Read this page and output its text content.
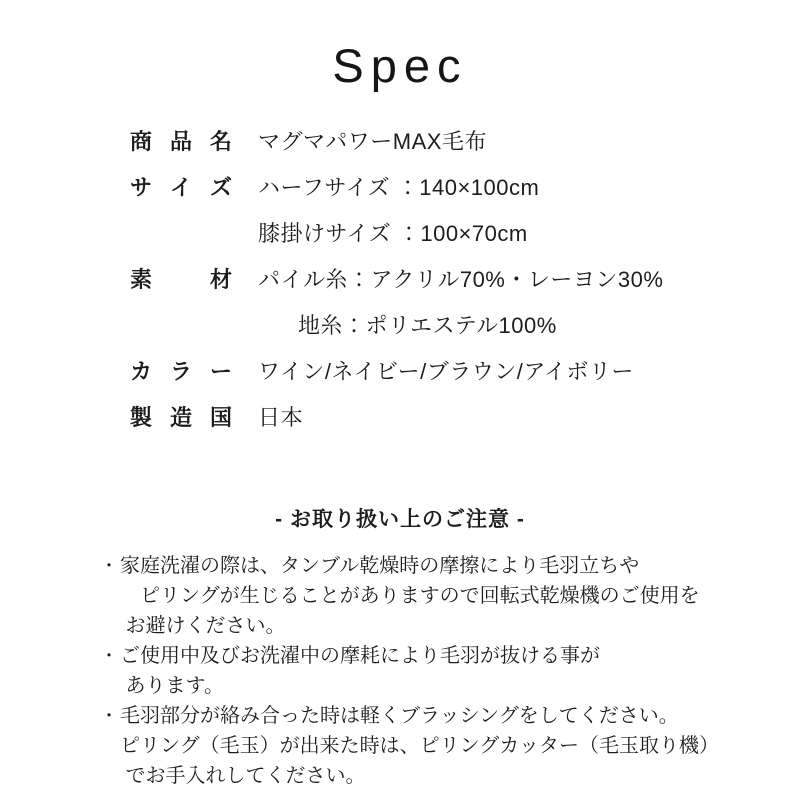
Spec
商 品 名 マグマパワーMAX毛布
サ イ ズ ハーフサイズ ：140×100cm
膝掛けサイズ ：100×70cm
素	材 パイル糸：アクリル70%・レーヨン30%
地糸：ポリエステル100%
カ ラ ー ワイン/ネイビー/ブラウン/アイボリー
製 造 国 日本
- お取り扱い上のご注意 -
・ 家庭洗濯の際は、タンブル乾燥時の摩擦により毛羽立ちや
　ピリングが生じることがありますので回転式乾燥機のご使用を
お避けください。
・ ご使用中及びお洗濯中の摩耗により毛羽が抜ける事が
あります。
・ 毛羽部分が絡み合った時は軽くブラッシングをしてください。
ピリング（毛玉）が出来た時は、ピリングカッター（毛玉取り機）
でお手入れしてください。
